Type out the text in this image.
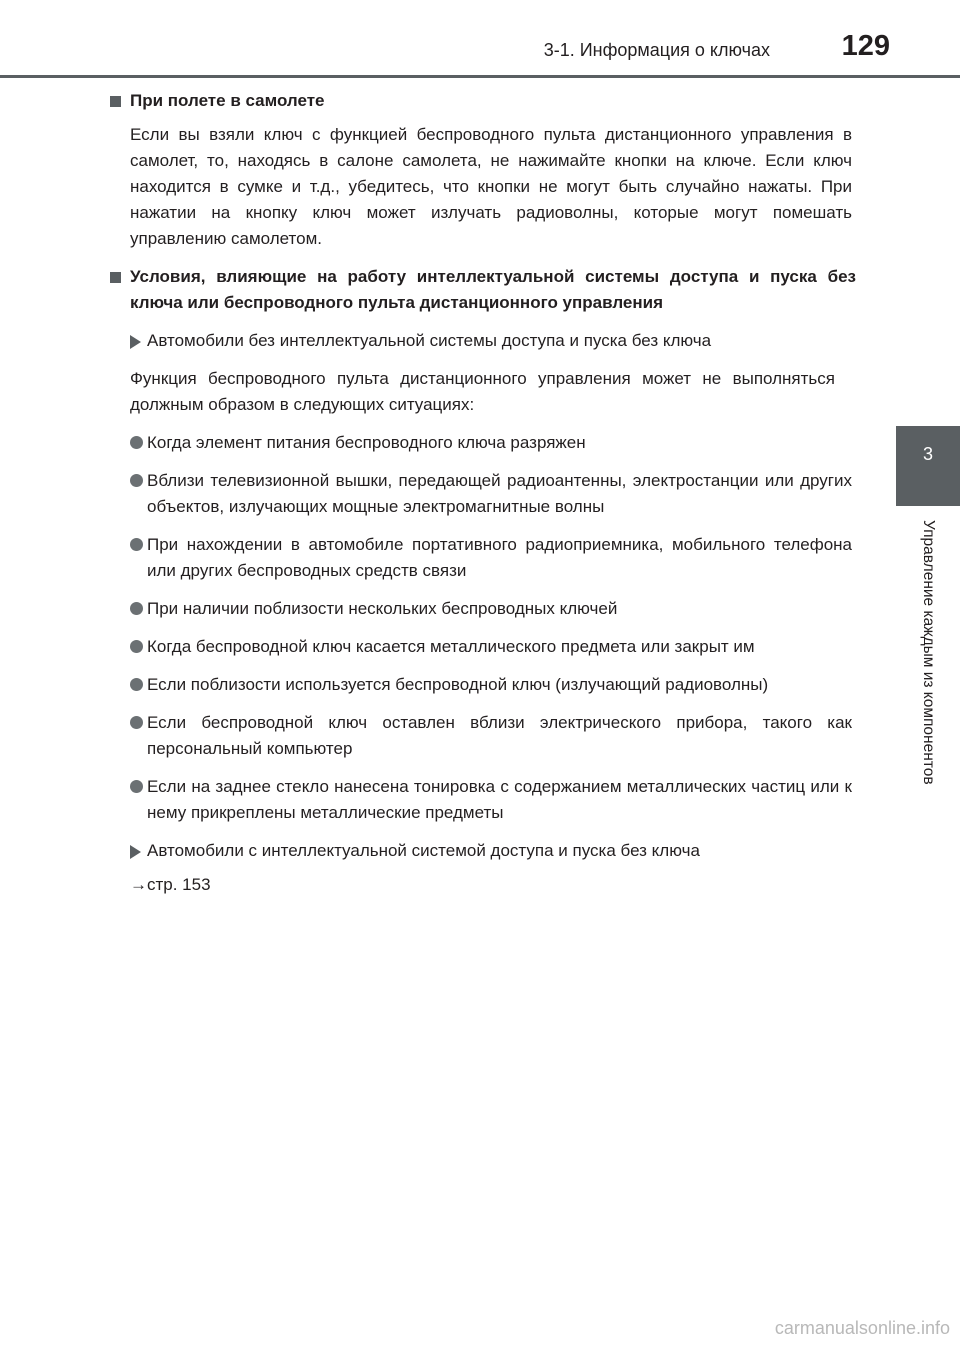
3-1. Информация о ключах	129
3
Управление каждым из компонентов
При полете в самолете
Если вы взяли ключ с функцией беспроводного пульта дистанционного управления в самолет, то, находясь в салоне самолета, не нажимайте кнопки на ключе. Если ключ находится в сумке и т.д., убедитесь, что кнопки не могут быть случайно нажаты. При нажатии на кнопку ключ может излучать радиоволны, которые могут помешать управлению самолетом.
Условия, влияющие на работу интеллектуальной системы доступа и пуска без ключа или беспроводного пульта дистанционного управления
Автомобили без интеллектуальной системы доступа и пуска без ключа
Функция беспроводного пульта дистанционного управления может не выполняться должным образом в следующих ситуациях:
Когда элемент питания беспроводного ключа разряжен
Вблизи телевизионной вышки, передающей радиоантенны, электростанции или других объектов, излучающих мощные электромагнитные волны
При нахождении в автомобиле портативного радиоприемника, мобильного телефона или других беспроводных средств связи
При наличии поблизости нескольких беспроводных ключей
Когда беспроводной ключ касается металлического предмета или закрыт им
Если поблизости используется беспроводной ключ (излучающий радиоволны)
Если беспроводной ключ оставлен вблизи электрического прибора, такого как персональный компьютер
Если на заднее стекло нанесена тонировка с содержанием металлических частиц или к нему прикреплены металлические предметы
Автомобили с интеллектуальной системой доступа и пуска без ключа
→стр. 153
carmanualsonline.info
